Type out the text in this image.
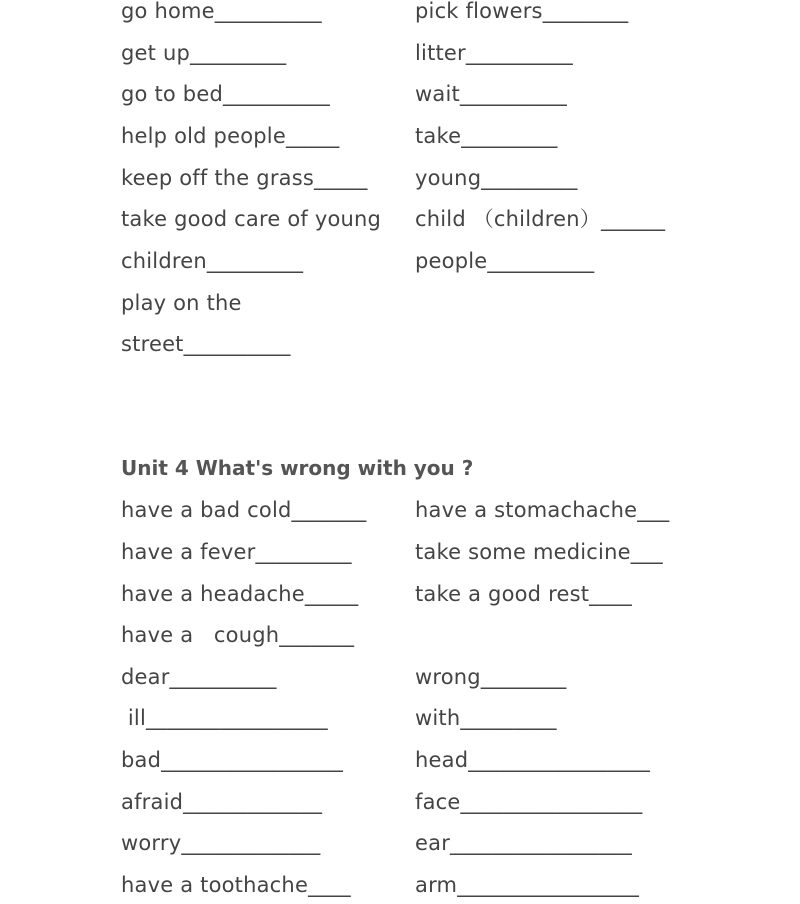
go home__________
get up_________
go to bed__________
help old people_____
keep off the grass_____
take good care of young
children_________
play on the
street__________
pick flowers________
litter__________
wait__________
take_________
young_________
child （children）______
people__________
Unit 4 What's wrong with you ?
have a bad cold_______
have a fever_________
have a headache_____
have a   cough_______
dear__________
ill_________________
bad_________________
afraid_____________
worry_____________
have a toothache____
have a stomachache___
take some medicine___
take a good rest____
wrong________
with_________
head_________________
face_________________
ear_________________
arm_________________
